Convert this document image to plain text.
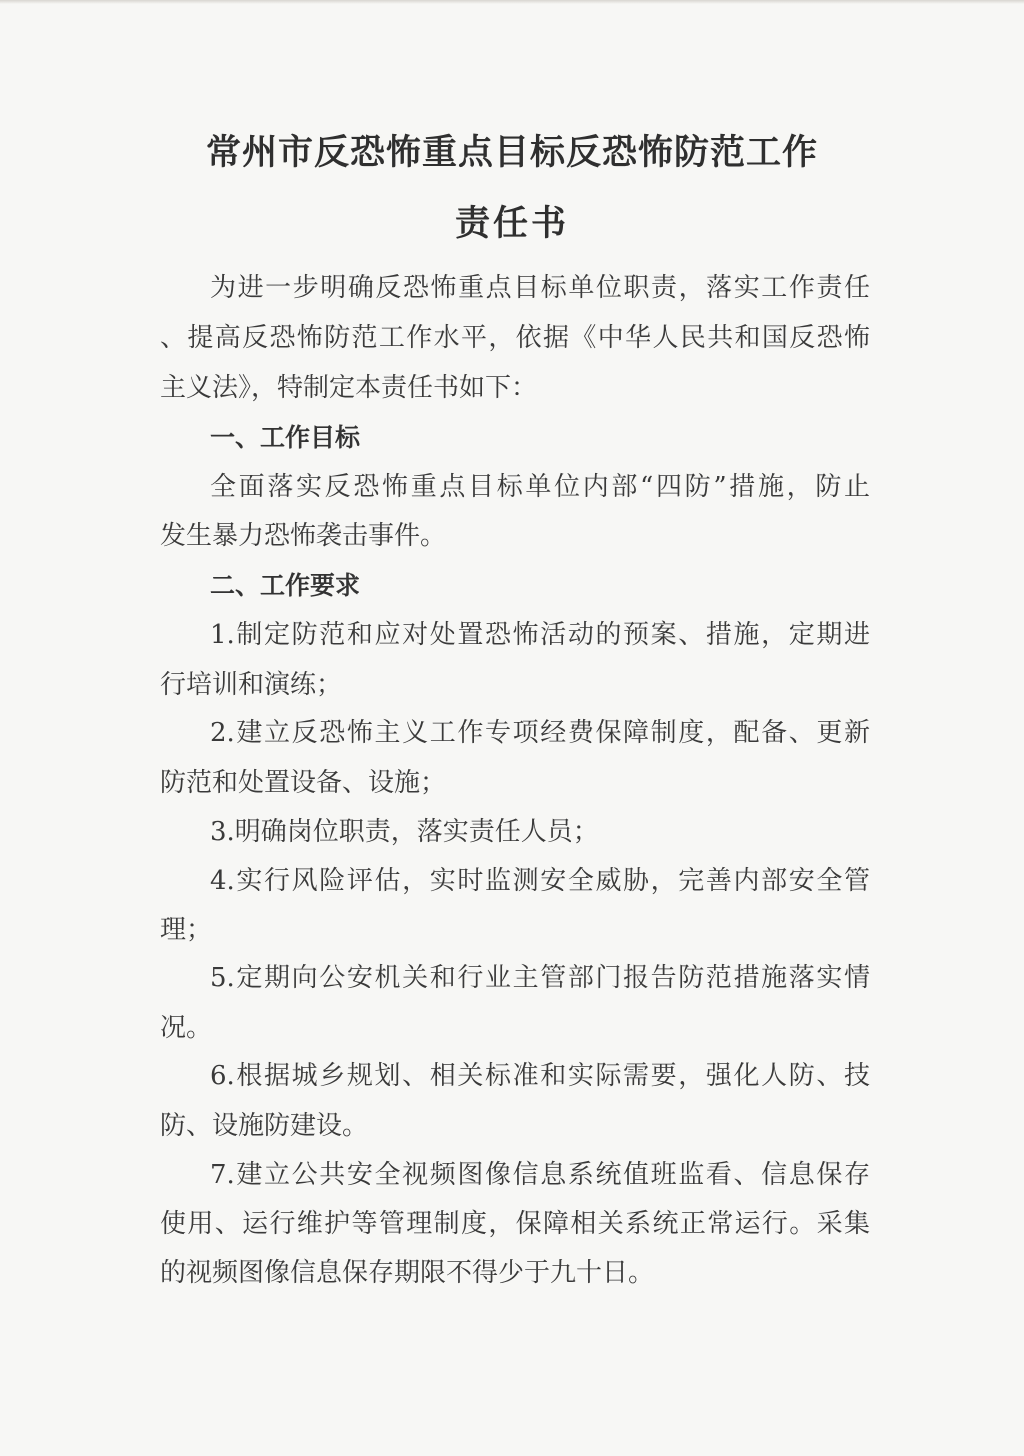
常州市反恐怖重点目标反恐怖防范工作
责任书
为进一步明确反恐怖重点目标单位职责，落实工作责任
、提高反恐怖防范工作水平，依据《中华人民共和国反恐怖
主义法》，特制定本责任书如下：
一、工作目标
全面落实反恐怖重点目标单位内部“四防”措施，防止
发生暴力恐怖袭击事件。
二、工作要求
1.制定防范和应对处置恐怖活动的预案、措施，定期进
行培训和演练；
2.建立反恐怖主义工作专项经费保障制度，配备、更新
防范和处置设备、设施；
3.明确岗位职责，落实责任人员；
4.实行风险评估，实时监测安全威胁，完善内部安全管
理；
5.定期向公安机关和行业主管部门报告防范措施落实情
况。
6.根据城乡规划、相关标准和实际需要，强化人防、技
防、设施防建设。
7.建立公共安全视频图像信息系统值班监看、信息保存
使用、运行维护等管理制度，保障相关系统正常运行。采集
的视频图像信息保存期限不得少于九十日。
